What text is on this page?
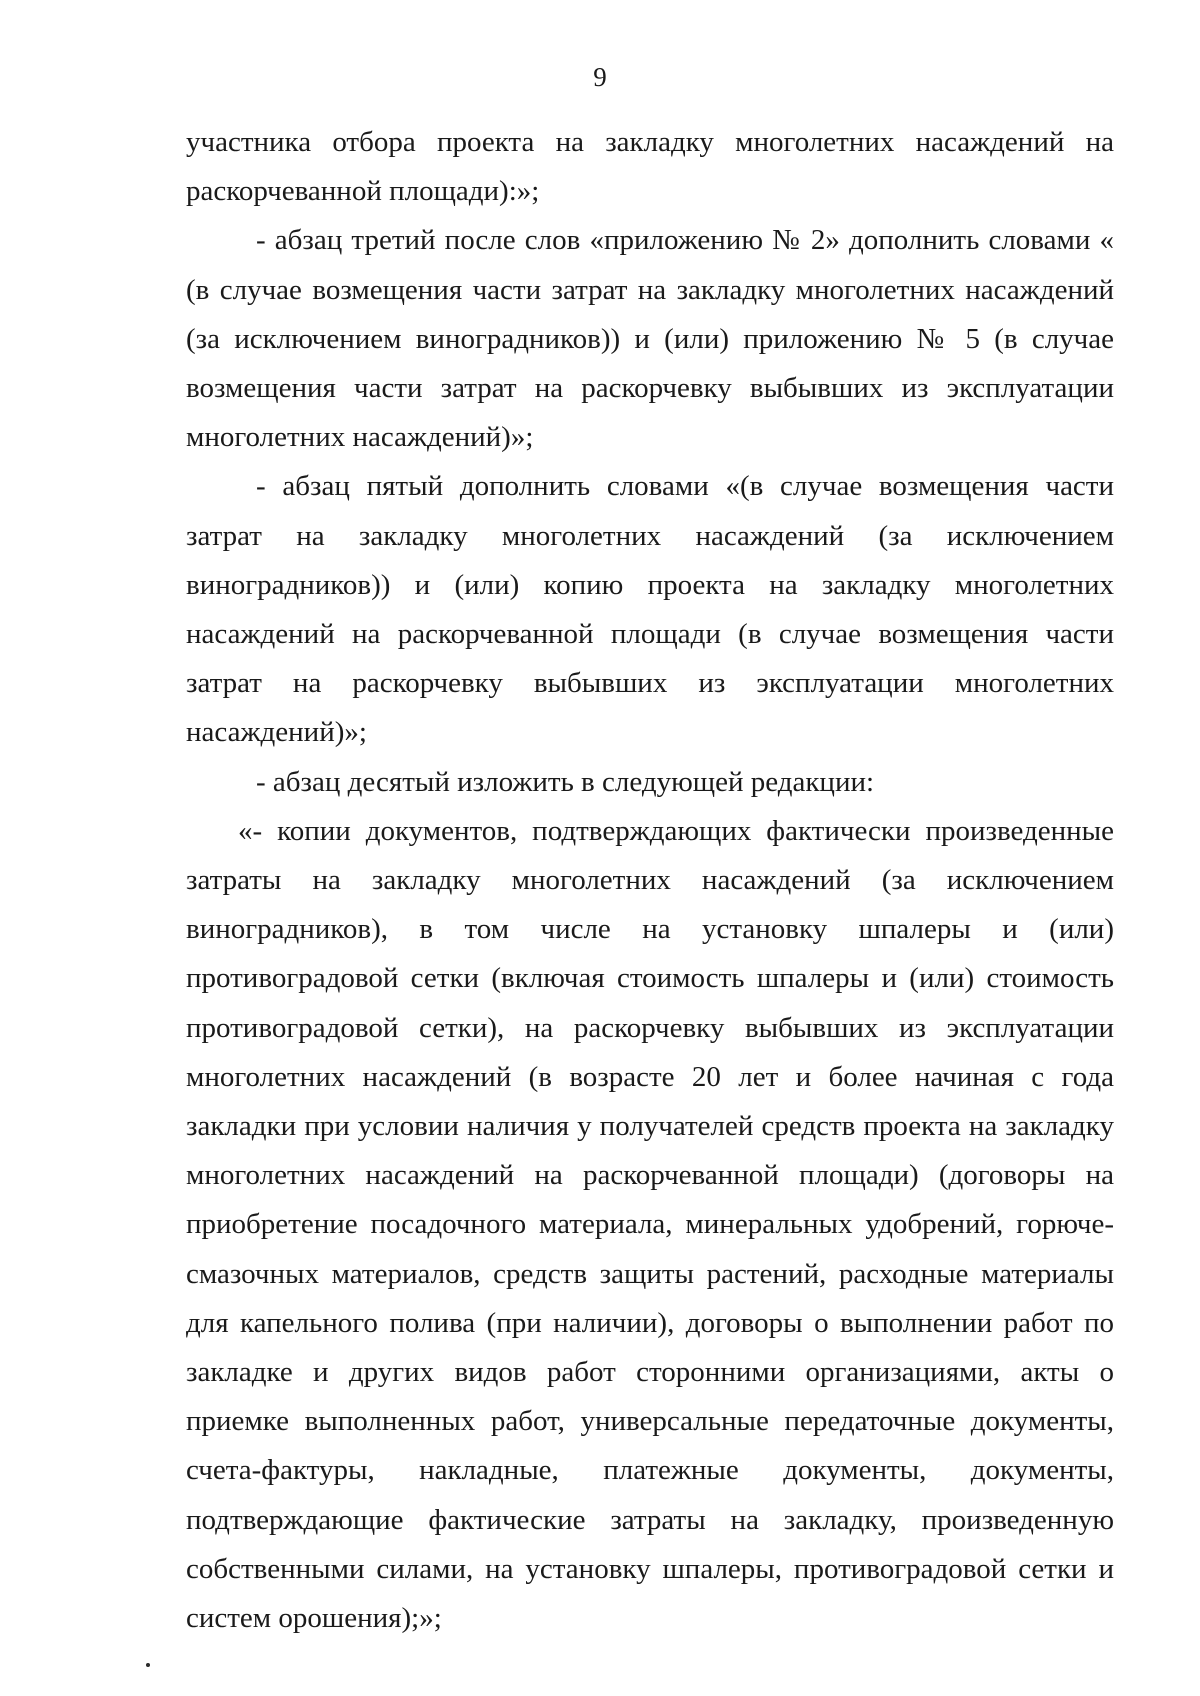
9

участника отбора проекта на закладку многолетних насаждений на раскорчеванной площади):»;

- абзац третий после слов «приложению № 2» дополнить словами « (в случае возмещения части затрат на закладку многолетних насаждений (за исключением виноградников)) и (или) приложению № 5 (в случае возмещения части затрат на раскорчевку выбывших из эксплуатации многолетних насаждений)»;

- абзац пятый дополнить словами «(в случае возмещения части затрат на закладку многолетних насаждений (за исключением виноградников)) и (или) копию проекта на закладку многолетних насаждений на раскорчеванной площади (в случае возмещения части затрат на раскорчевку выбывших из эксплуатации многолетних насаждений)»;

- абзац десятый изложить в следующей редакции:

«- копии документов, подтверждающих фактически произведенные затраты на закладку многолетних насаждений (за исключением виноградников), в том числе на установку шпалеры и (или) противоградовой сетки (включая стоимость шпалеры и (или) стоимость противоградовой сетки), на раскорчевку выбывших из эксплуатации многолетних насаждений (в возрасте 20 лет и более начиная с года закладки при условии наличия у получателей средств проекта на закладку многолетних насаждений на раскорчеванной площади) (договоры на приобретение посадочного материала, минеральных удобрений, горюче-смазочных материалов, средств защиты растений, расходные материалы для капельного полива (при наличии), договоры о выполнении работ по закладке и других видов работ сторонними организациями, акты о приемке выполненных работ, универсальные передаточные документы, счета-фактуры, накладные, платежные документы, документы, подтверждающие фактические затраты на закладку, произведенную собственными силами, на установку шпалеры, противоградовой сетки и систем орошения);»;
